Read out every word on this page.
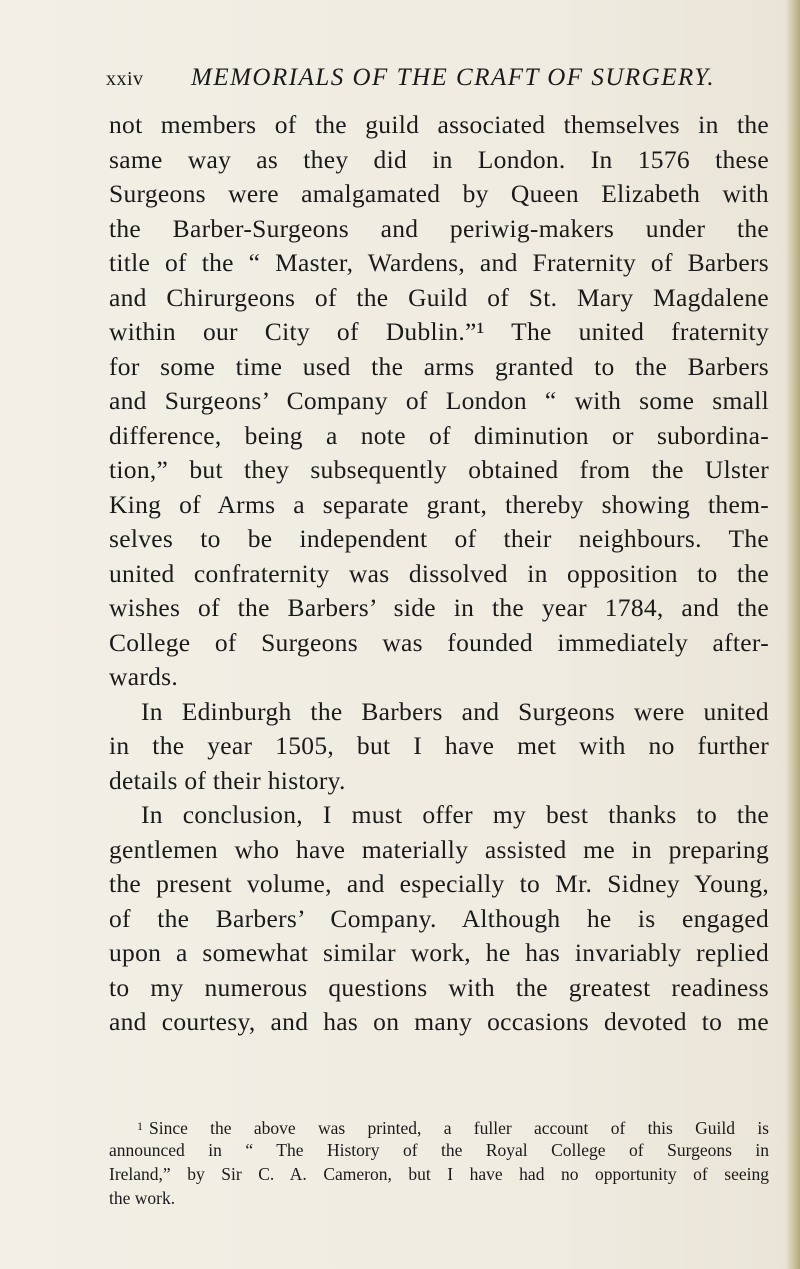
xxiv MEMORIALS OF THE CRAFT OF SURGERY.
not members of the guild associated themselves in the
same way as they did in London. In 1576 these
Surgeons were amalgamated by Queen Elizabeth with
the Barber-Surgeons and periwig-makers under the
title of the “ Master, Wardens, and Fraternity of Barbers
and Chirurgeons of the Guild of St. Mary Magdalene
within our City of Dublin.”¹ The united fraternity
for some time used the arms granted to the Barbers
and Surgeons’ Company of London “ with some small
difference, being a note of diminution or subordina-
tion,” but they subsequently obtained from the Ulster
King of Arms a separate grant, thereby showing them-
selves to be independent of their neighbours. The
united confraternity was dissolved in opposition to the
wishes of the Barbers’ side in the year 1784, and the
College of Surgeons was founded immediately after-
wards.
In Edinburgh the Barbers and Surgeons were united
in the year 1505, but I have met with no further
details of their history.
In conclusion, I must offer my best thanks to the
gentlemen who have materially assisted me in preparing
the present volume, and especially to Mr. Sidney Young,
of the Barbers’ Company. Although he is engaged
upon a somewhat similar work, he has invariably replied
to my numerous questions with the greatest readiness
and courtesy, and has on many occasions devoted to me
$^1$ Since the above was printed, a fuller account of this Guild is
announced in “ The History of the Royal College of Surgeons in
Ireland,” by Sir C. A. Cameron, but I have had no opportunity of seeing
the work.
